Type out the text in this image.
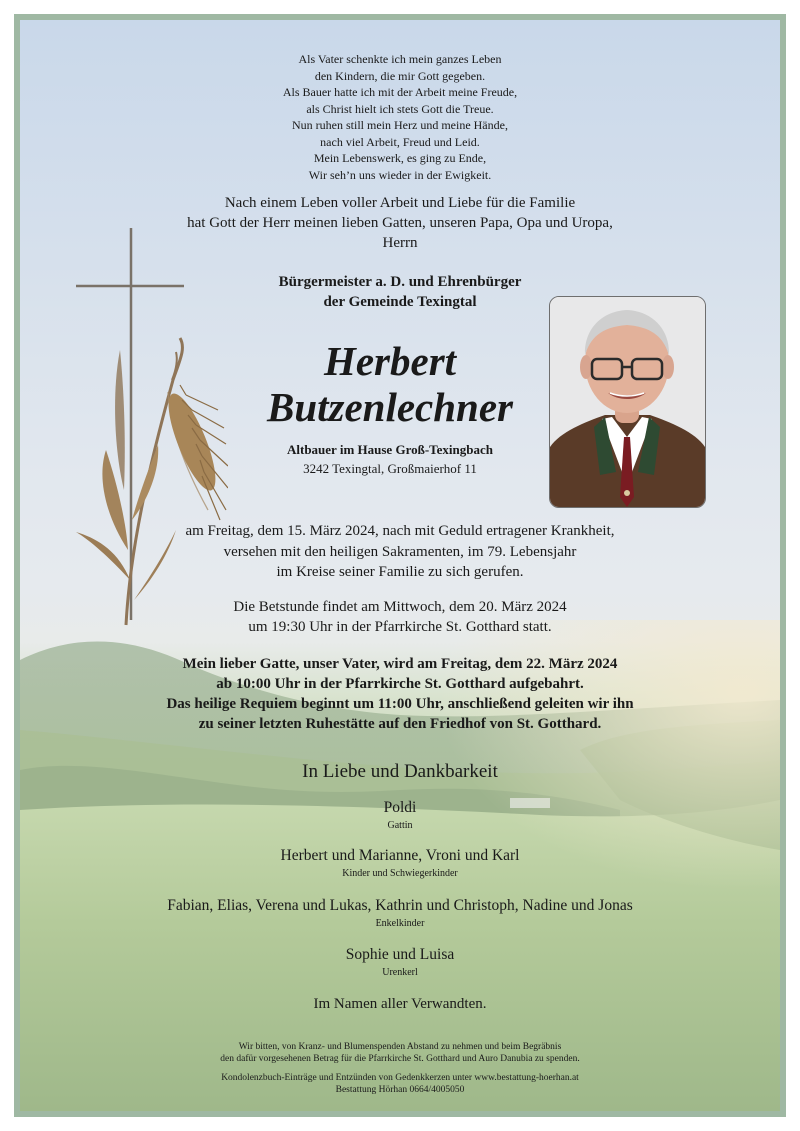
Als Vater schenkte ich mein ganzes Leben
den Kindern, die mir Gott gegeben.
Als Bauer hatte ich mit der Arbeit meine Freude,
als Christ hielt ich stets Gott die Treue.
Nun ruhen still mein Herz und meine Hände,
nach viel Arbeit, Freud und Leid.
Mein Lebenswerk, es ging zu Ende,
Wir seh’n uns wieder in der Ewigkeit.

Nach einem Leben voller Arbeit und Liebe für die Familie
hat Gott der Herr meinen lieben Gatten, unseren Papa, Opa und Uropa,
Herrn

Bürgermeister a. D. und Ehrenbürger
der Gemeinde Texingtal

Herbert
Butzenlechner

Altbauer im Hause Groß-Texingbach
3242 Texingtal, Großmaierhof 11

am Freitag, dem 15. März 2024, nach mit Geduld ertragener Krankheit,
versehen mit den heiligen Sakramenten, im 79. Lebensjahr
im Kreise seiner Familie zu sich gerufen.

Die Betstunde findet am Mittwoch, dem 20. März 2024
um 19:30 Uhr in der Pfarrkirche St. Gotthard statt.

Mein lieber Gatte, unser Vater, wird am Freitag, dem 22. März 2024
ab 10:00 Uhr in der Pfarrkirche St. Gotthard aufgebahrt.
Das heilige Requiem beginnt um 11:00 Uhr, anschließend geleiten wir ihn
zu seiner letzten Ruhestätte auf den Friedhof von St. Gotthard.

In Liebe und Dankbarkeit

Poldi
Gattin
Herbert und Marianne, Vroni und Karl
Kinder und Schwiegerkinder
Fabian, Elias, Verena und Lukas, Kathrin und Christoph, Nadine und Jonas
Enkelkinder
Sophie und Luisa
Urenkerl

Im Namen aller Verwandten.

Wir bitten, von Kranz- und Blumenspenden Abstand zu nehmen und beim Begräbnis
den dafür vorgesehenen Betrag für die Pfarrkirche St. Gotthard und Auro Danubia zu spenden.

Kondolenzbuch-Einträge und Entzünden von Gedenkkerzen unter www.bestattung-hoerhan.at
Bestattung Hörhan 0664/4005050
